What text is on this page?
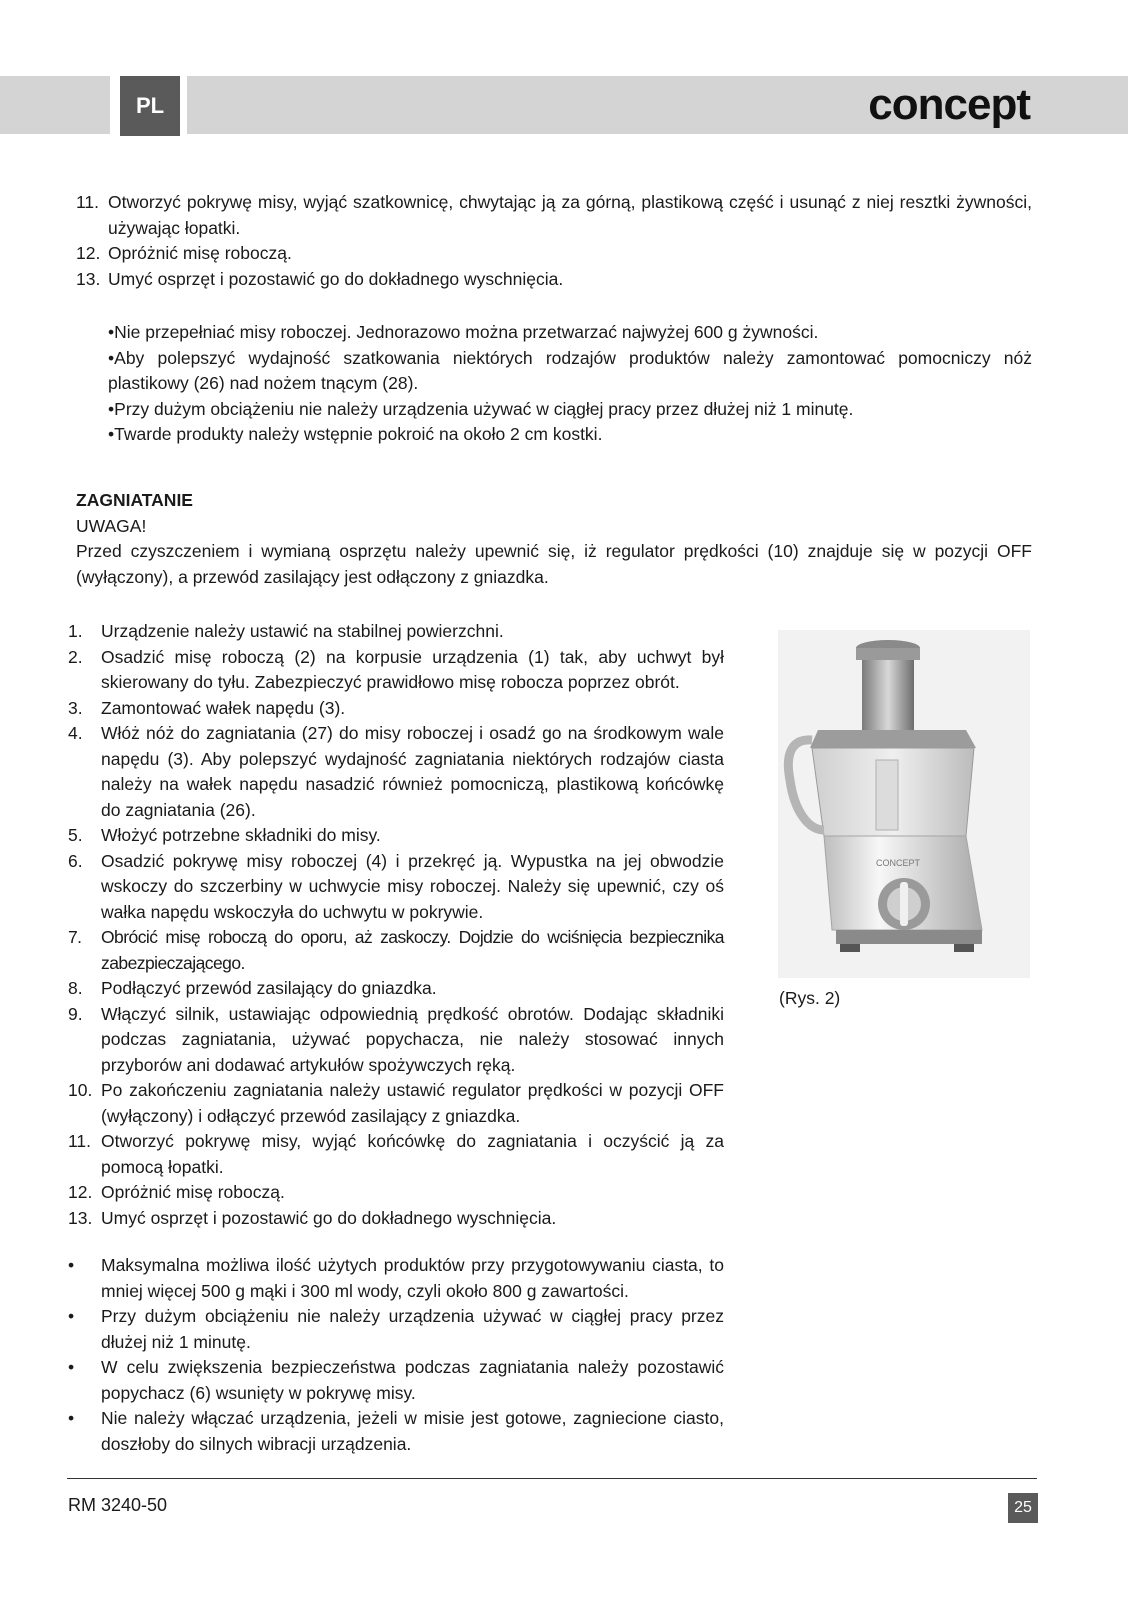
PL	concept
11. Otworzyć pokrywę misy, wyjąć szatkownicę, chwytając ją za górną, plastikową część i usunąć z niej resztki żywności, używając łopatki.
12. Opróżnić misę roboczą.
13. Umyć osprzęt i pozostawić go do dokładnego wyschnięcia.
•Nie przepełniać misy roboczej. Jednorazowo można przetwarzać najwyżej 600 g żywności.
•Aby polepszyć wydajność szatkowania niektórych rodzajów produktów należy zamontować pomocniczy nóż plastikowy (26) nad nożem tnącym (28).
•Przy dużym obciążeniu nie należy urządzenia używać w ciągłej pracy przez dłużej niż 1 minutę.
•Twarde produkty należy wstępnie pokroić na około 2 cm kostki.

ZAGNIATANIE

UWAGA!

Przed czyszczeniem i wymianą osprzętu należy upewnić się, iż regulator prędkości (10) znajduje się w pozycji OFF (wyłączony), a przewód zasilający jest odłączony z gniazdka.

1. Urządzenie należy ustawić na stabilnej powierzchni.
2. Osadzić misę roboczą (2) na korpusie urządzenia (1) tak, aby uchwyt był skierowany do tyłu. Zabezpieczyć prawidłowo misę robocza poprzez obrót.
3. Zamontować wałek napędu (3).
4. Włóż nóż do zagniatania (27) do misy roboczej i osadź go na środkowym wale napędu (3). Aby polepszyć wydajność zagniatania niektórych rodzajów ciasta należy na wałek napędu nasadzić również pomocniczą, plastikową końcówkę do zagniatania (26).
5. Włożyć potrzebne składniki do misy.
6. Osadzić pokrywę misy roboczej (4) i przekręć ją. Wypustka na jej obwodzie wskoczy do szczerbiny w uchwycie misy roboczej. Należy się upewnić, czy oś wałka napędu wskoczyła do uchwytu w pokrywie.
7. Obrócić misę roboczą do oporu, aż zaskoczy. Dojdzie do wciśnięcia bezpiecznika zabezpieczającego.
8. Podłączyć przewód zasilający do gniazdka.
9. Włączyć silnik, ustawiając odpowiednią prędkość obrotów. Dodając składniki podczas zagniatania, używać popychacza, nie należy stosować innych przyborów ani dodawać artykułów spożywczych ręką.
10. Po zakończeniu zagniatania należy ustawić regulator prędkości w pozycji OFF (wyłączony) i odłączyć przewód zasilający z gniazdka.
11. Otworzyć pokrywę misy, wyjąć końcówkę do zagniatania i oczyścić ją za pomocą łopatki.
12. Opróżnić misę roboczą.
13. Umyć osprzęt i pozostawić go do dokładnego wyschnięcia.
• Maksymalna możliwa ilość użytych produktów przy przygotowywaniu ciasta, to mniej więcej 500 g mąki i 300 ml wody, czyli około 800 g zawartości.
• Przy dużym obciążeniu nie należy urządzenia używać w ciągłej pracy przez dłużej niż 1 minutę.
• W celu zwiększenia bezpieczeństwa podczas zagniatania należy pozostawić popychacz (6) wsunięty w pokrywę misy.
• Nie należy włączać urządzenia, jeżeli w misie jest gotowe, zagniecione ciasto, doszłoby do silnych wibracji urządzenia.
CONCEPT
(Rys. 2)
RM 3240-50	25
